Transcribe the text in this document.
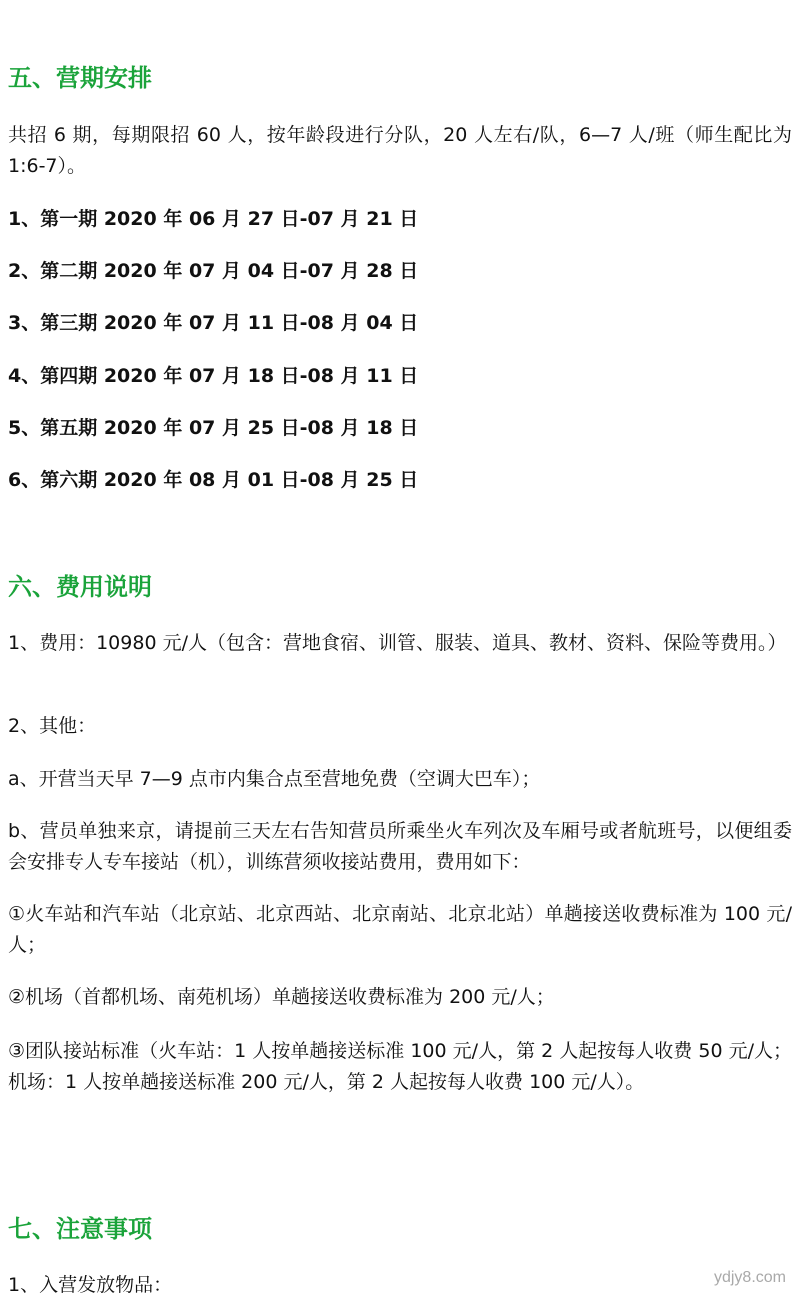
五、营期安排

共招 6 期，每期限招 60 人，按年龄段进行分队，20 人左右/队，6—7 人/班（师生配比为 1:6-7）。

1、第一期 2020 年 06 月 27 日-07 月 21 日
2、第二期 2020 年 07 月 04 日-07 月 28 日
3、第三期 2020 年 07 月 11 日-08 月 04 日
4、第四期 2020 年 07 月 18 日-08 月 11 日
5、第五期 2020 年 07 月 25 日-08 月 18 日
6、第六期 2020 年 08 月 01 日-08 月 25 日
六、费用说明

1、费用：10980 元/人（包含：营地食宿、训管、服装、道具、教材、资料、保险等费用。）

2、其他：

a、开营当天早 7—9 点市内集合点至营地免费（空调大巴车）；

b、营员单独来京，请提前三天左右告知营员所乘坐火车列次及车厢号或者航班号，以便组委会安排专人专车接站（机），训练营须收接站费用，费用如下：

①火车站和汽车站（北京站、北京西站、北京南站、北京北站）单趟接送收费标准为 100 元/人；

②机场（首都机场、南苑机场）单趟接送收费标准为 200 元/人；

③团队接站标准（火车站：1 人按单趟接送标准 100 元/人，第 2 人起按每人收费 50 元/人；机场：1 人按单趟接送标准 200 元/人，第 2 人起按每人收费 100 元/人）。

七、注意事项

1、入营发放物品：	ydjy8.com
